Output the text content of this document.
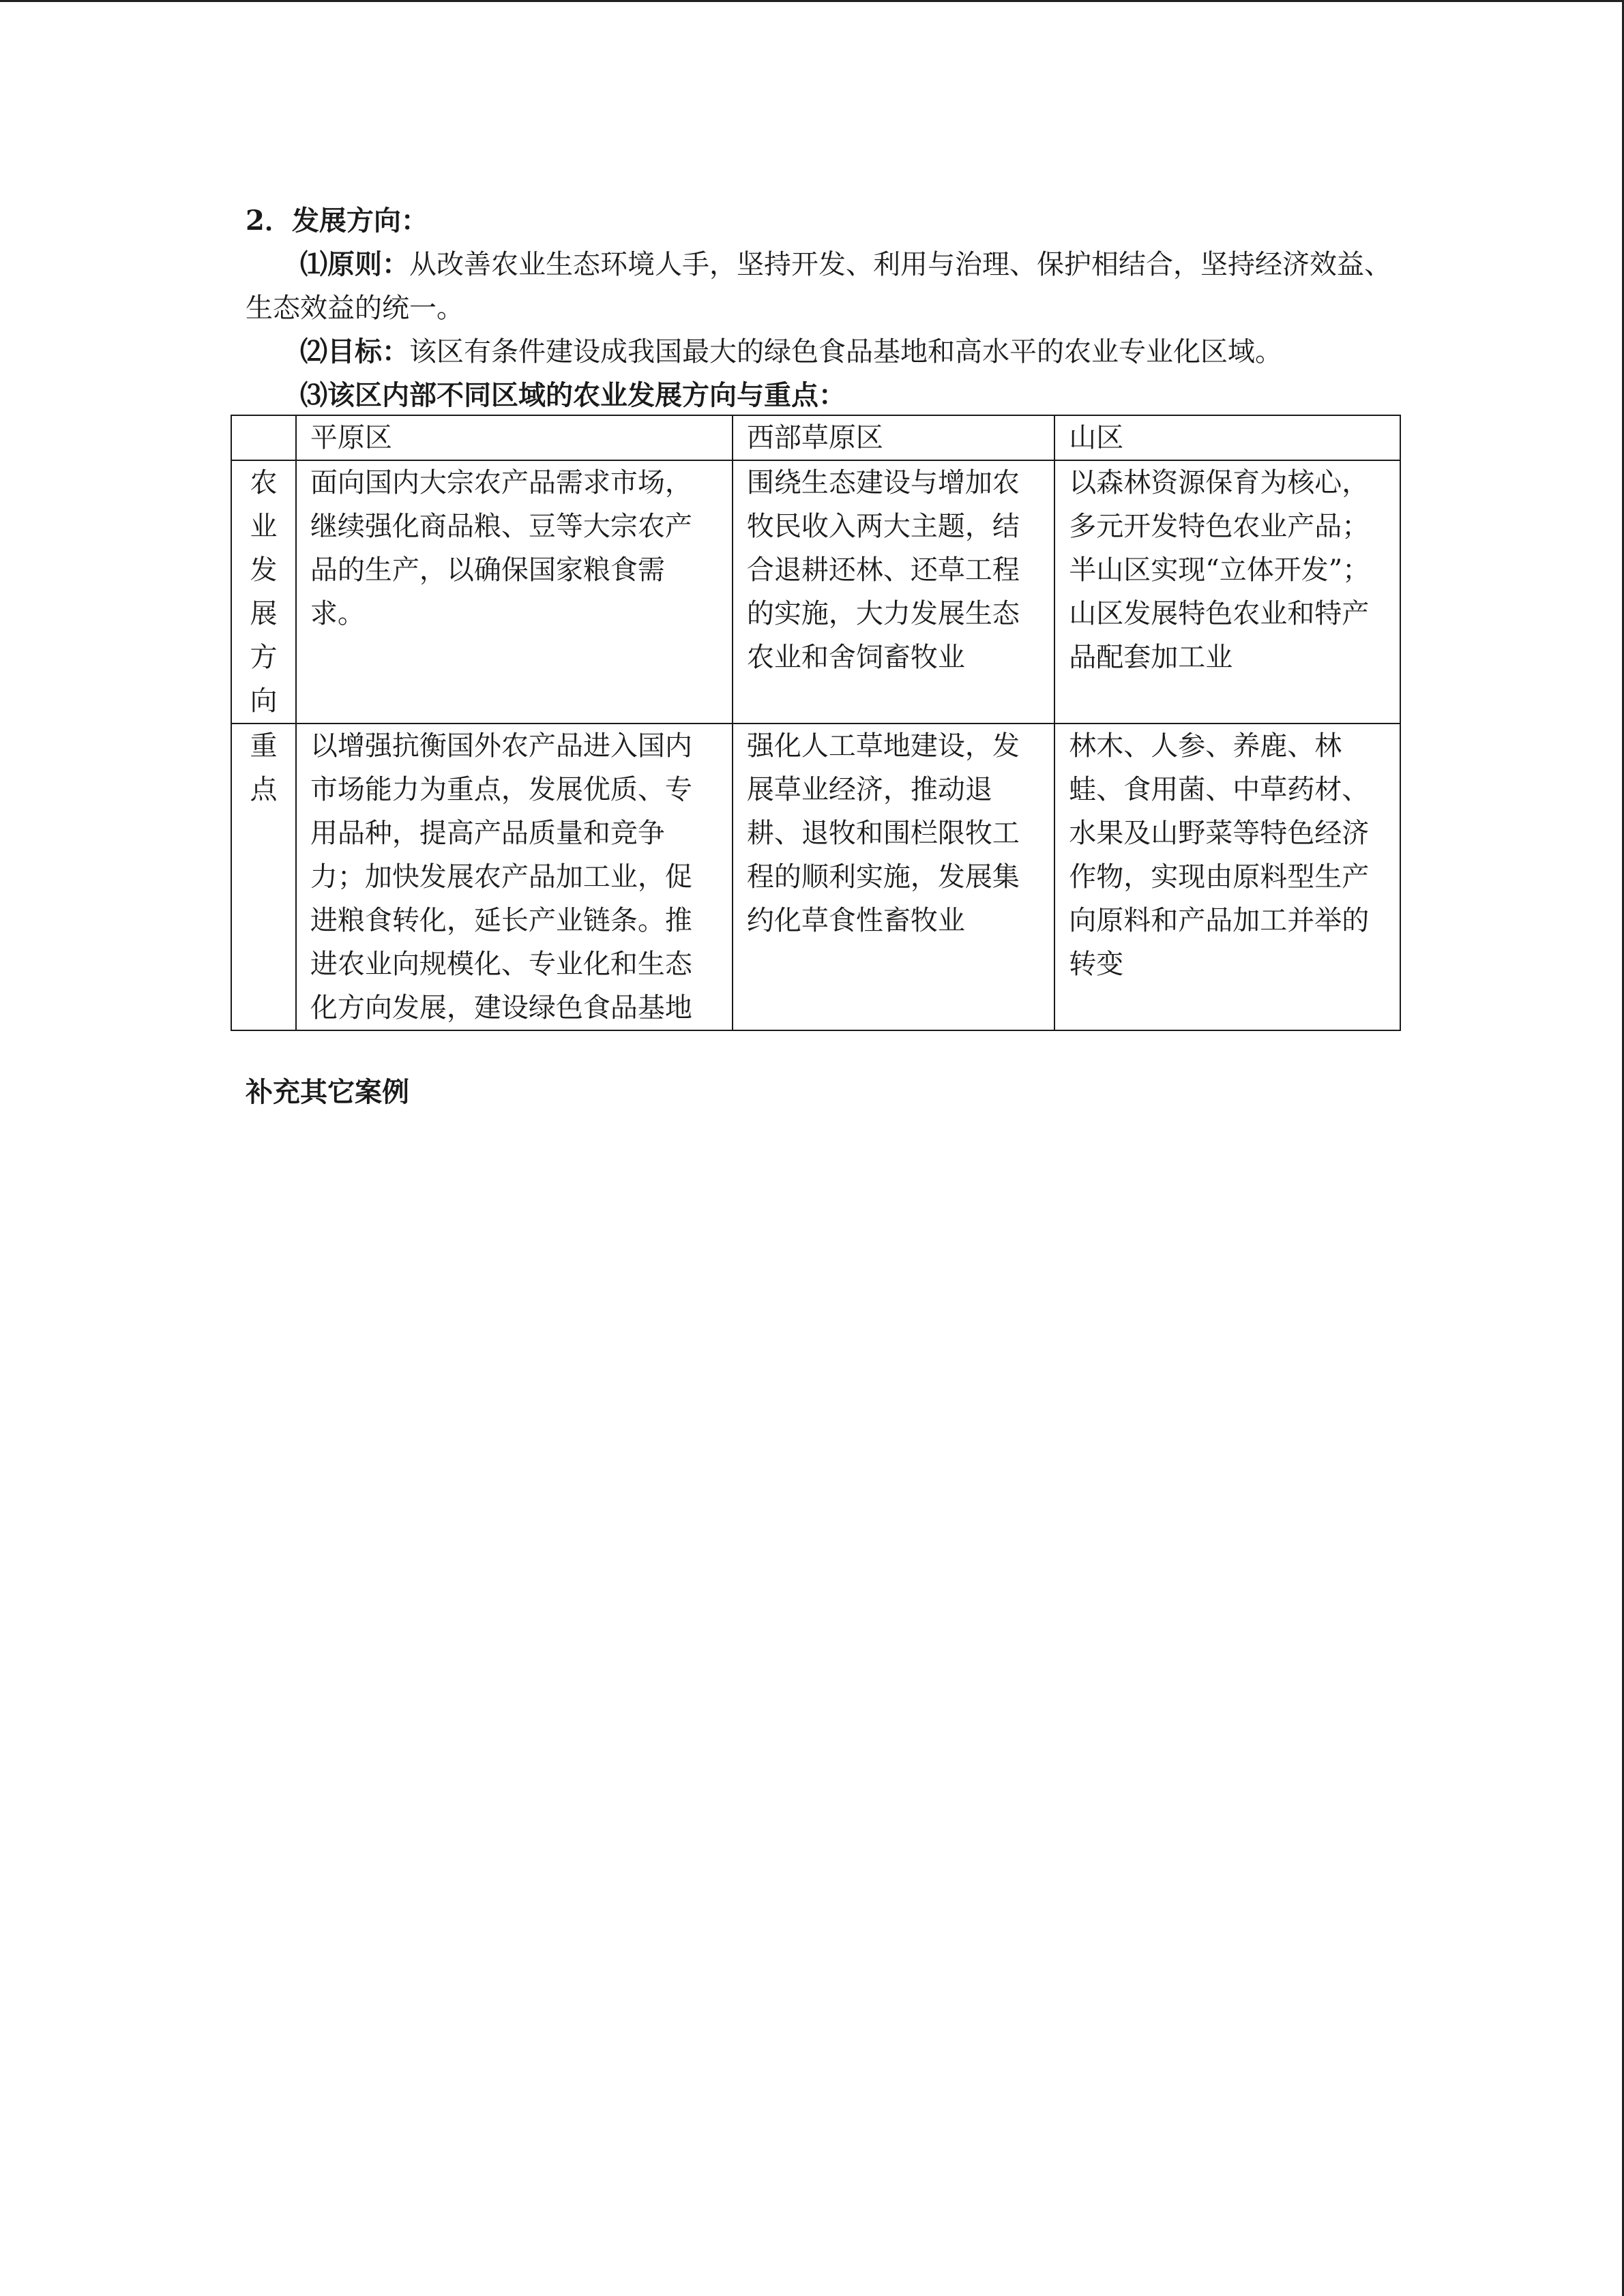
2．发展方向：

⑴原则：从改善农业生态环境人手，坚持开发、利用与治理、保护相结合，坚持经济效益、生态效益的统一。

⑵目标：该区有条件建设成我国最大的绿色食品基地和高水平的农业专业化区域。

⑶该区内部不同区域的农业发展方向与重点：

	平原区	西部草原区	山区

农业发展方向	面向国内大宗农产品需求市场，继续强化商品粮、豆等大宗农产品的生产，以确保国家粮食需求。	围绕生态建设与增加农牧民收入两大主题，结合退耕还林、还草工程的实施，大力发展生态农业和舍饲畜牧业	以森林资源保育为核心，多元开发特色农业产品；半山区实现“立体开发”；山区发展特色农业和特产品配套加工业

重点	以增强抗衡国外农产品进入国内市场能力为重点，发展优质、专用品种，提高产品质量和竞争力；加快发展农产品加工业，促进粮食转化，延长产业链条。推进农业向规模化、专业化和生态化方向发展，建设绿色食品基地	强化人工草地建设，发展草业经济，推动退耕、退牧和围栏限牧工程的顺利实施，发展集约化草食性畜牧业	林木、人参、养鹿、林蛙、食用菌、中草药材、水果及山野菜等特色经济作物，实现由原料型生产向原料和产品加工并举的转变

补充其它案例
